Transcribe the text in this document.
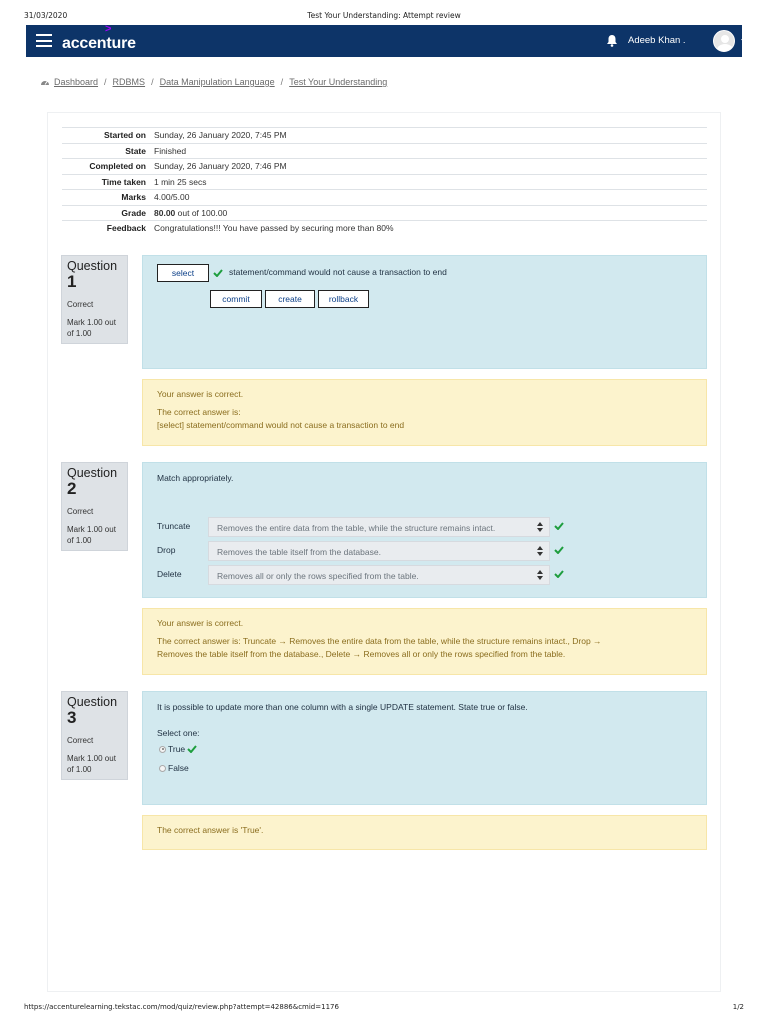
31/03/2020	Test Your Understanding: Attempt review
>
accenture	Adeeb Khan .
Dashboard / RDBMS / Data Manipulation Language / Test Your Understanding
Started on Sunday, 26 January 2020, 7:45 PM
State Finished
Completed on Sunday, 26 January 2020, 7:46 PM
Time taken 1 min 25 secs
Marks 4.00/5.00
Grade 80.00 out of 100.00
Feedback Congratulations!!! You have passed by securing more than 80%
Question
1
Correct
Mark 1.00 out of 1.00
select	statement/command would not cause a transaction to end
commit	create	rollback
Your answer is correct.
The correct answer is:
[select] statement/command would not cause a transaction to end
Question
2
Correct
Mark 1.00 out of 1.00
Match appropriately.
Truncate	Removes the entire data from the table, while the structure remains intact.
Drop	Removes the table itself from the database.
Delete	Removes all or only the rows specified from the table.
Your answer is correct.
The correct answer is: Truncate → Removes the entire data from the table, while the structure remains intact., Drop →
Removes the table itself from the database., Delete → Removes all or only the rows specified from the table.
Question
3
Correct
Mark 1.00 out of 1.00
It is possible to update more than one column with a single UPDATE statement. State true or false.
Select one:
True
False
The correct answer is 'True'.
https://accenturelearning.tekstac.com/mod/quiz/review.php?attempt=42886&cmid=1176	1/2
